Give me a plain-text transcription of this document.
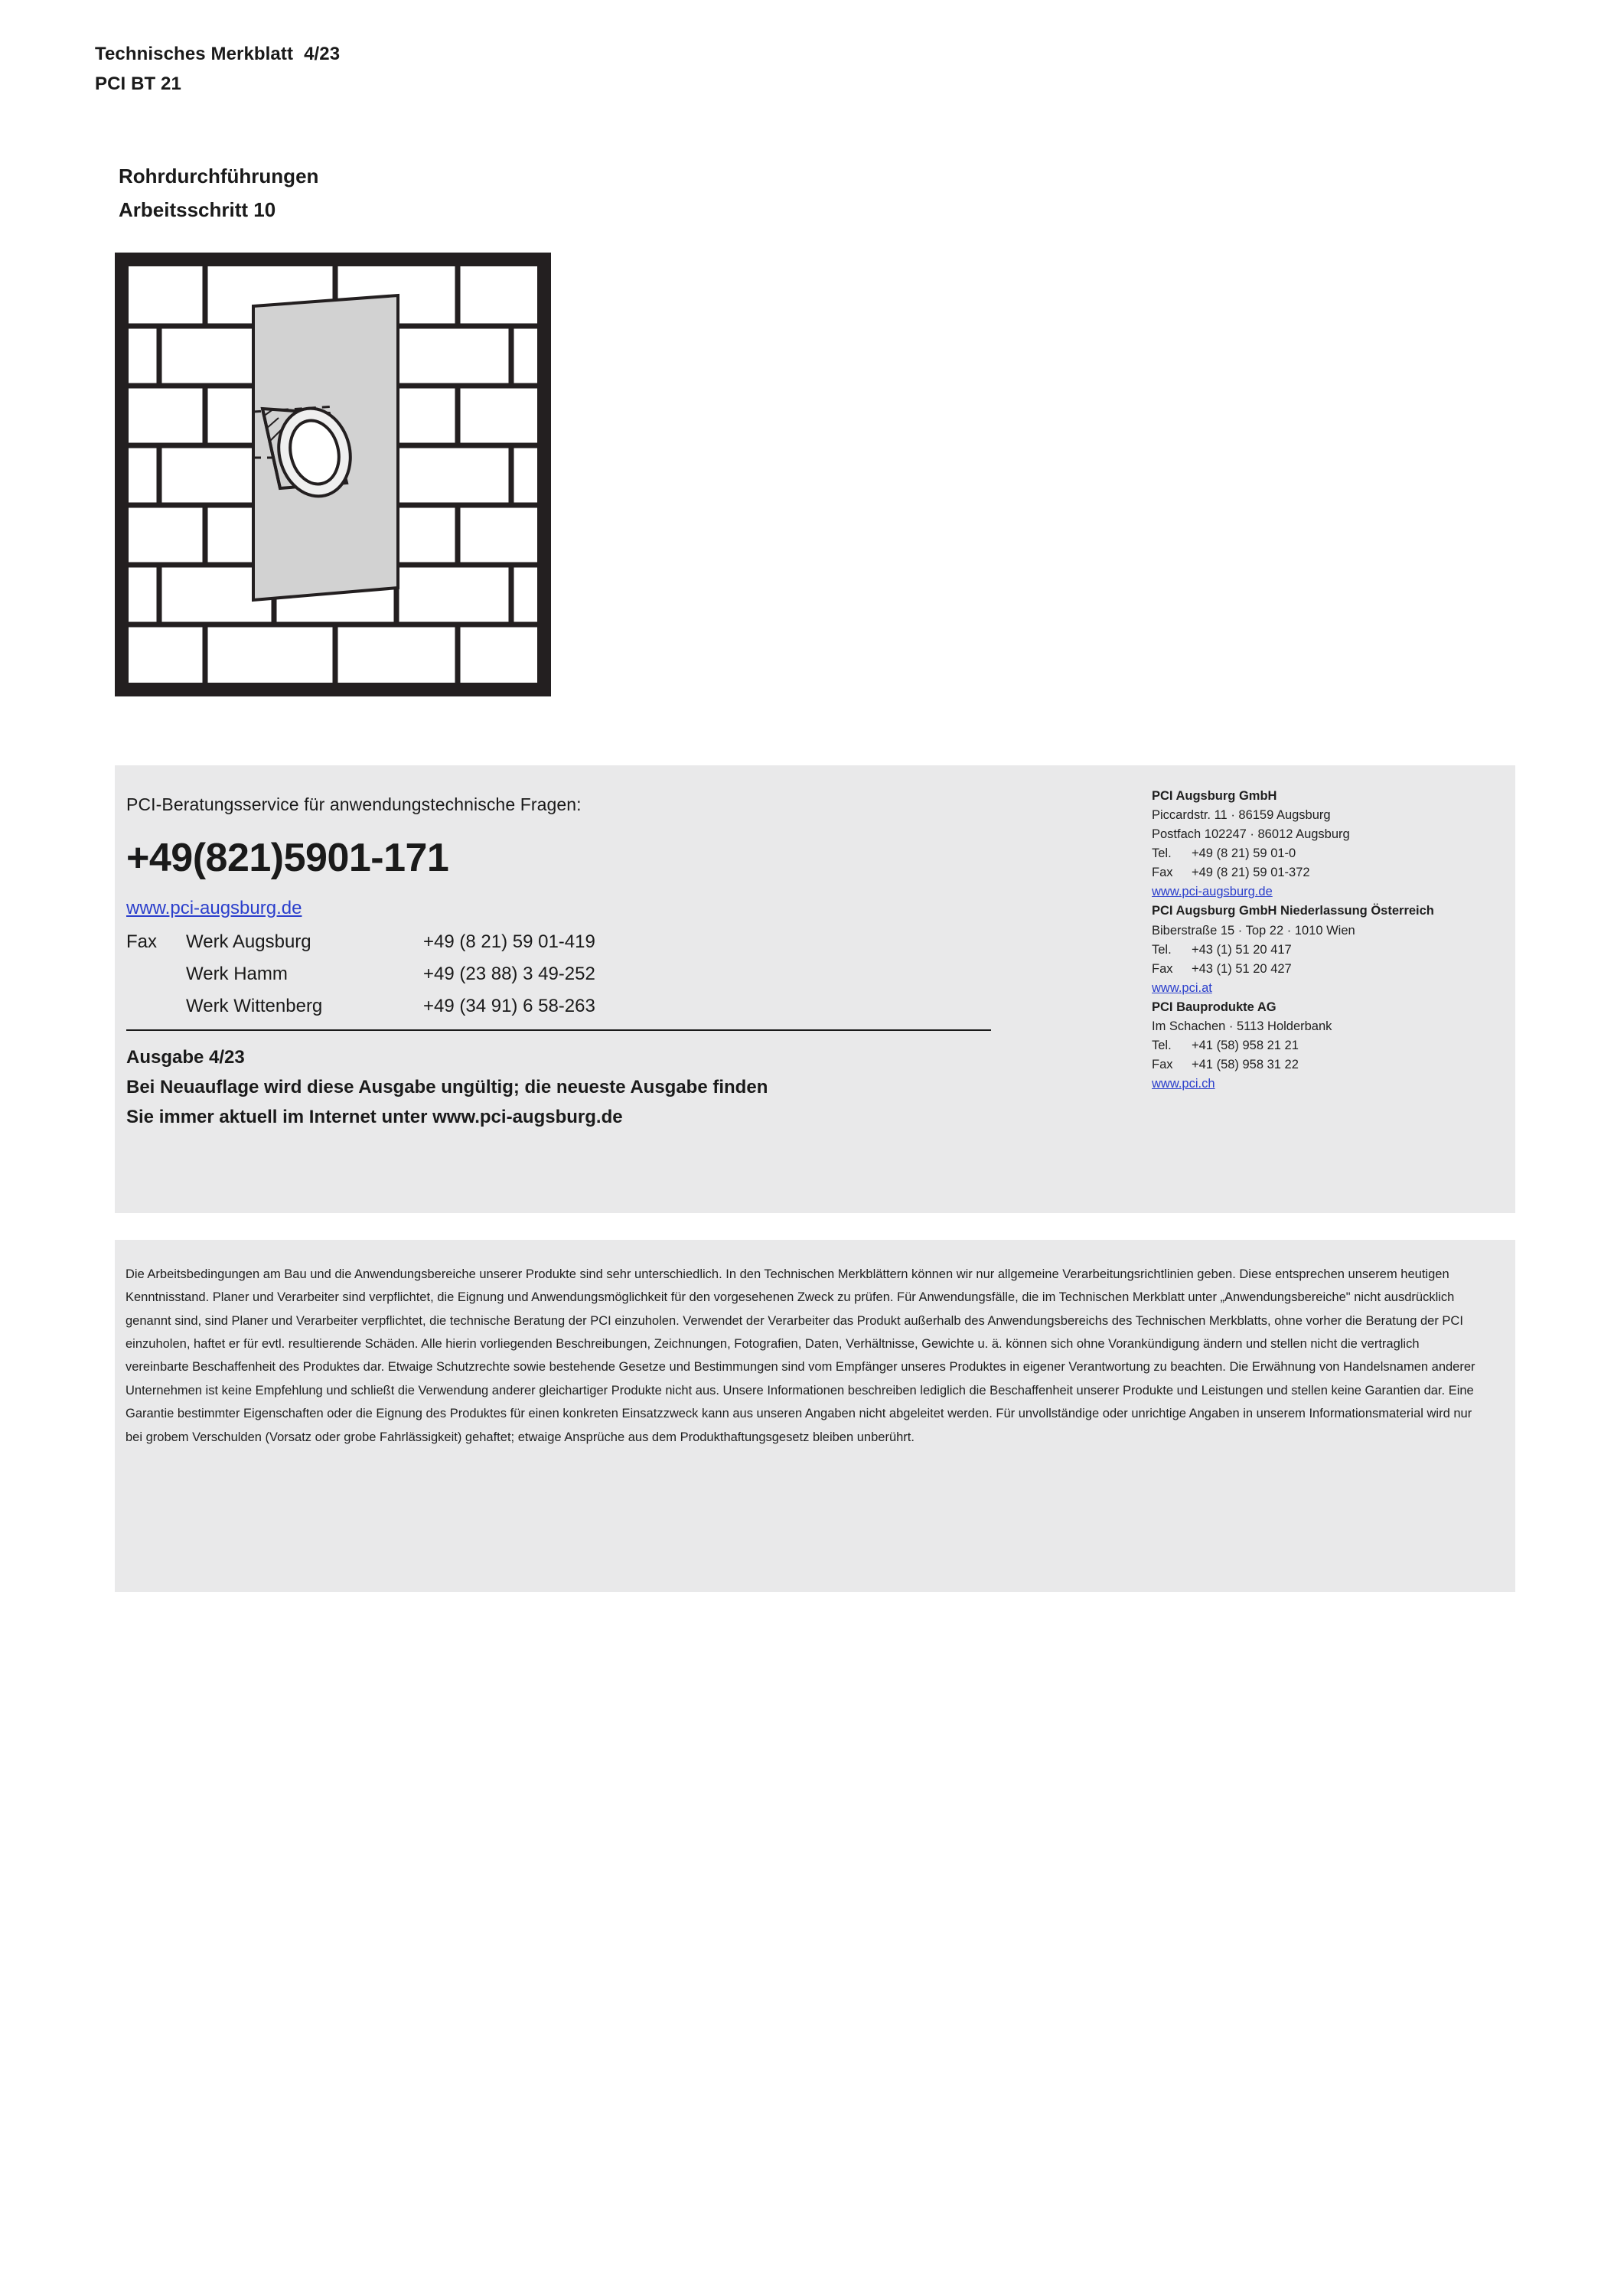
Technisches Merkblatt 4/23
PCI BT 21
Rohrdurchführungen
Arbeitsschritt 10
PCI-Beratungsservice für anwendungstechnische Fragen:
+49(821)5901-171
www.pci-augsburg.de
Fax	Werk Augsburg	+49 (8 21) 59 01-419
Werk Hamm	+49 (23 88) 3 49-252
Werk Wittenberg	+49 (34 91) 6 58-263
Ausgabe 4/23
Bei Neuauflage wird diese Ausgabe ungültig; die neueste Ausgabe finden
Sie immer aktuell im Internet unter www.pci-augsburg.de
PCI Augsburg GmbH
Piccardstr. 11 · 86159 Augsburg
Postfach 102247 · 86012 Augsburg
Tel.	+49 (8 21) 59 01-0
Fax	+49 (8 21) 59 01-372
www.pci-augsburg.de
PCI Augsburg GmbH Niederlassung Österreich
Biberstraße 15 · Top 22 · 1010 Wien
Tel.	+43 (1) 51 20 417
Fax	+43 (1) 51 20 427
www.pci.at
PCI Bauprodukte AG
Im Schachen · 5113 Holderbank
Tel.	+41 (58) 958 21 21
Fax	+41 (58) 958 31 22
www.pci.ch

Die Arbeitsbedingungen am Bau und die Anwendungsbereiche unserer Produkte sind sehr unterschiedlich. In den Technischen Merkblättern können wir nur allgemeine Verarbeitungsrichtlinien geben. Diese entsprechen unserem heutigen Kenntnisstand. Planer und Verarbeiter sind verpflichtet, die Eignung und Anwendungsmöglichkeit für den vorgesehenen Zweck zu prüfen. Für Anwendungsfälle, die im Technischen Merkblatt unter „Anwendungsbereiche" nicht ausdrücklich genannt sind, sind Planer und Verarbeiter verpflichtet, die technische Beratung der PCI einzuholen. Verwendet der Verarbeiter das Produkt außerhalb des Anwendungsbereichs des Technischen Merkblatts, ohne vorher die Beratung der PCI einzuholen, haftet er für evtl. resultierende Schäden. Alle hierin vorliegenden Beschreibungen, Zeichnungen, Fotografien, Daten, Verhältnisse, Gewichte u. ä. können sich ohne Vorankündigung ändern und stellen nicht die vertraglich vereinbarte Beschaffenheit des Produktes dar. Etwaige Schutzrechte sowie bestehende Gesetze und Bestimmungen sind vom Empfänger unseres Produktes in eigener Verantwortung zu beachten. Die Erwähnung von Handelsnamen anderer Unternehmen ist keine Empfehlung und schließt die Verwendung anderer gleichartiger Produkte nicht aus. Unsere Informationen beschreiben lediglich die Beschaffenheit unserer Produkte und Leistungen und stellen keine Garantien dar. Eine Garantie bestimmter Eigenschaften oder die Eignung des Produktes für einen konkreten Einsatzzweck kann aus unseren Angaben nicht abgeleitet werden. Für unvollständige oder unrichtige Angaben in unserem Informationsmaterial wird nur bei grobem Verschulden (Vorsatz oder grobe Fahrlässigkeit) gehaftet; etwaige Ansprüche aus dem Produkthaftungsgesetz bleiben unberührt.
